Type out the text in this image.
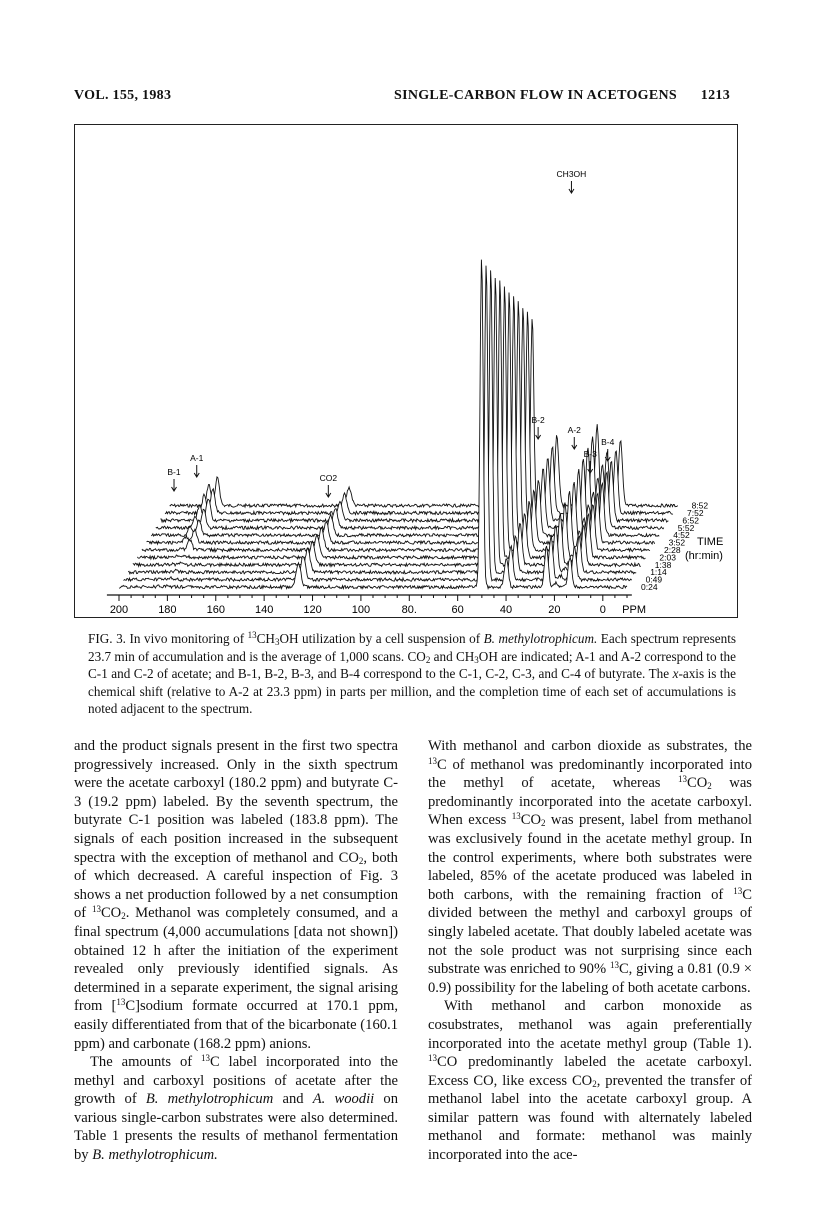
VOL. 155, 1983	SINGLE-CARBON FLOW IN ACETOGENS 1213
200	180	160	140	120	100	80.	60	40	20	0 PPM
CH3OH
CO2
A-1
B-1
B-2
A-2
B-3
B-4
8:52
7:52
6:52
5:52
4:52
3:52
2:28
2:03
1:38
1:14
0:49
0:24
TIME
(hr:min)
FIG. 3. In vivo monitoring of $^{13}CH_3OH$ utilization by a cell suspension of B. methylotrophicum. Each spectrum represents 23.7 min of accumulation and is the average of 1,000 scans. $CO_2$ and $CH_3OH$ are indicated; A-1 and A-2 correspond to the C-1 and C-2 of acetate; and B-1, B-2, B-3, and B-4 correspond to the C-1, C-2, C-3, and C-4 of butyrate. The x-axis is the chemical shift (relative to A-2 at 23.3 ppm) in parts per million, and the completion time of each set of accumulations is noted adjacent to the spectrum.

and the product signals present in the first two spectra progressively increased. Only in the sixth spectrum were the acetate carboxyl (180.2 ppm) and butyrate C-3 (19.2 ppm) labeled. By the seventh spectrum, the butyrate C-1 position was labeled (183.8 ppm). The signals of each position increased in the subsequent spectra with the exception of methanol and $CO_2$, both of which decreased. A careful inspection of Fig. 3 shows a net production followed by a net consumption of $^{13}CO_2$. Methanol was completely consumed, and a final spectrum (4,000 accumulations [data not shown]) obtained 12 h after the initiation of the experiment revealed only previously identified signals. As determined in a separate experiment, the signal arising from [$^{13}$C]sodium formate occurred at 170.1 ppm, easily differentiated from that of the bicarbonate (160.1 ppm) and carbonate (168.2 ppm) anions.

The amounts of $^{13}$C label incorporated into the methyl and carboxyl positions of acetate after the growth of B. methylotrophicum and A. woodii on various single-carbon substrates were also determined. Table 1 presents the results of methanol fermentation by B. methylotrophicum.

With methanol and carbon dioxide as substrates, the $^{13}$C of methanol was predominantly incorporated into the methyl of acetate, whereas $^{13}CO_2$ was predominantly incorporated into the acetate carboxyl. When excess $^{13}CO_2$ was present, label from methanol was exclusively found in the acetate methyl group. In the control experiments, where both substrates were labeled, 85% of the acetate produced was labeled in both carbons, with the remaining fraction of $^{13}$C divided between the methyl and carboxyl groups of singly labeled acetate. That doubly labeled acetate was not the sole product was not surprising since each substrate was enriched to 90% $^{13}$C, giving a 0.81 (0.9 × 0.9) possibility for the labeling of both acetate carbons.

With methanol and carbon monoxide as cosubstrates, methanol was again preferentially incorporated into the acetate methyl group (Table 1). $^{13}$CO predominantly labeled the acetate carboxyl. Excess CO, like excess $CO_2$, prevented the transfer of methanol label into the acetate carboxyl group. A similar pattern was found with alternately labeled methanol and formate: methanol was mainly incorporated into the ace-
